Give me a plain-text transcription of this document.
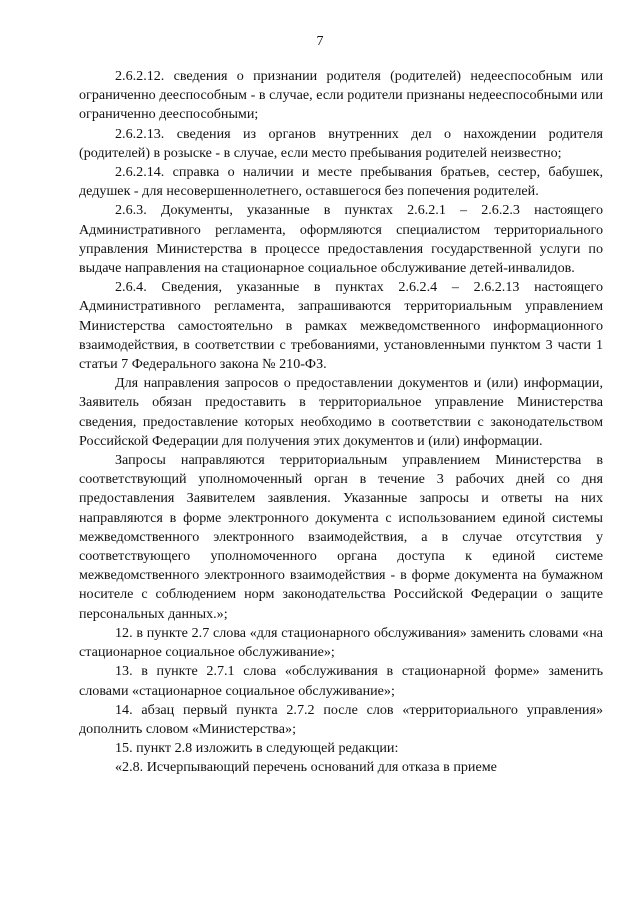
7

2.6.2.12. сведения о признании родителя (родителей) недееспособным или ограниченно дееспособным - в случае, если родители признаны недееспособными или ограниченно дееспособными;

2.6.2.13. сведения из органов внутренних дел о нахождении родителя (родителей) в розыске - в случае, если место пребывания родителей неизвестно;

2.6.2.14. справка о наличии и месте пребывания братьев, сестер, бабушек, дедушек - для несовершеннолетнего, оставшегося без попечения родителей.

2.6.3. Документы, указанные в пунктах 2.6.2.1 – 2.6.2.3 настоящего Административного регламента, оформляются специалистом территориального управления Министерства в процессе предоставления государственной услуги по выдаче направления на стационарное социальное обслуживание детей-инвалидов.

2.6.4. Сведения, указанные в пунктах 2.6.2.4 – 2.6.2.13 настоящего Административного регламента, запрашиваются территориальным управлением Министерства самостоятельно в рамках межведомственного информационного взаимодействия, в соответствии с требованиями, установленными пунктом 3 части 1 статьи 7 Федерального закона № 210-ФЗ.

Для направления запросов о предоставлении документов и (или) информации, Заявитель обязан предоставить в территориальное управление Министерства сведения, предоставление которых необходимо в соответствии с законодательством Российской Федерации для получения этих документов и (или) информации.

Запросы направляются территориальным управлением Министерства в соответствующий уполномоченный орган в течение 3 рабочих дней со дня предоставления Заявителем заявления. Указанные запросы и ответы на них направляются в форме электронного документа с использованием единой системы межведомственного электронного взаимодействия, а в случае отсутствия у соответствующего уполномоченного органа доступа к единой системе межведомственного электронного взаимодействия - в форме документа на бумажном носителе с соблюдением норм законодательства Российской Федерации о защите персональных данных.»;

12. в пункте 2.7 слова «для стационарного обслуживания» заменить словами «на стационарное социальное обслуживание»;

13. в пункте 2.7.1 слова «обслуживания в стационарной форме» заменить словами «стационарное социальное обслуживание»;

14. абзац первый пункта 2.7.2 после слов «территориального управления» дополнить словом «Министерства»;

15. пункт 2.8 изложить в следующей редакции:

«2.8. Исчерпывающий перечень оснований для отказа в приеме
